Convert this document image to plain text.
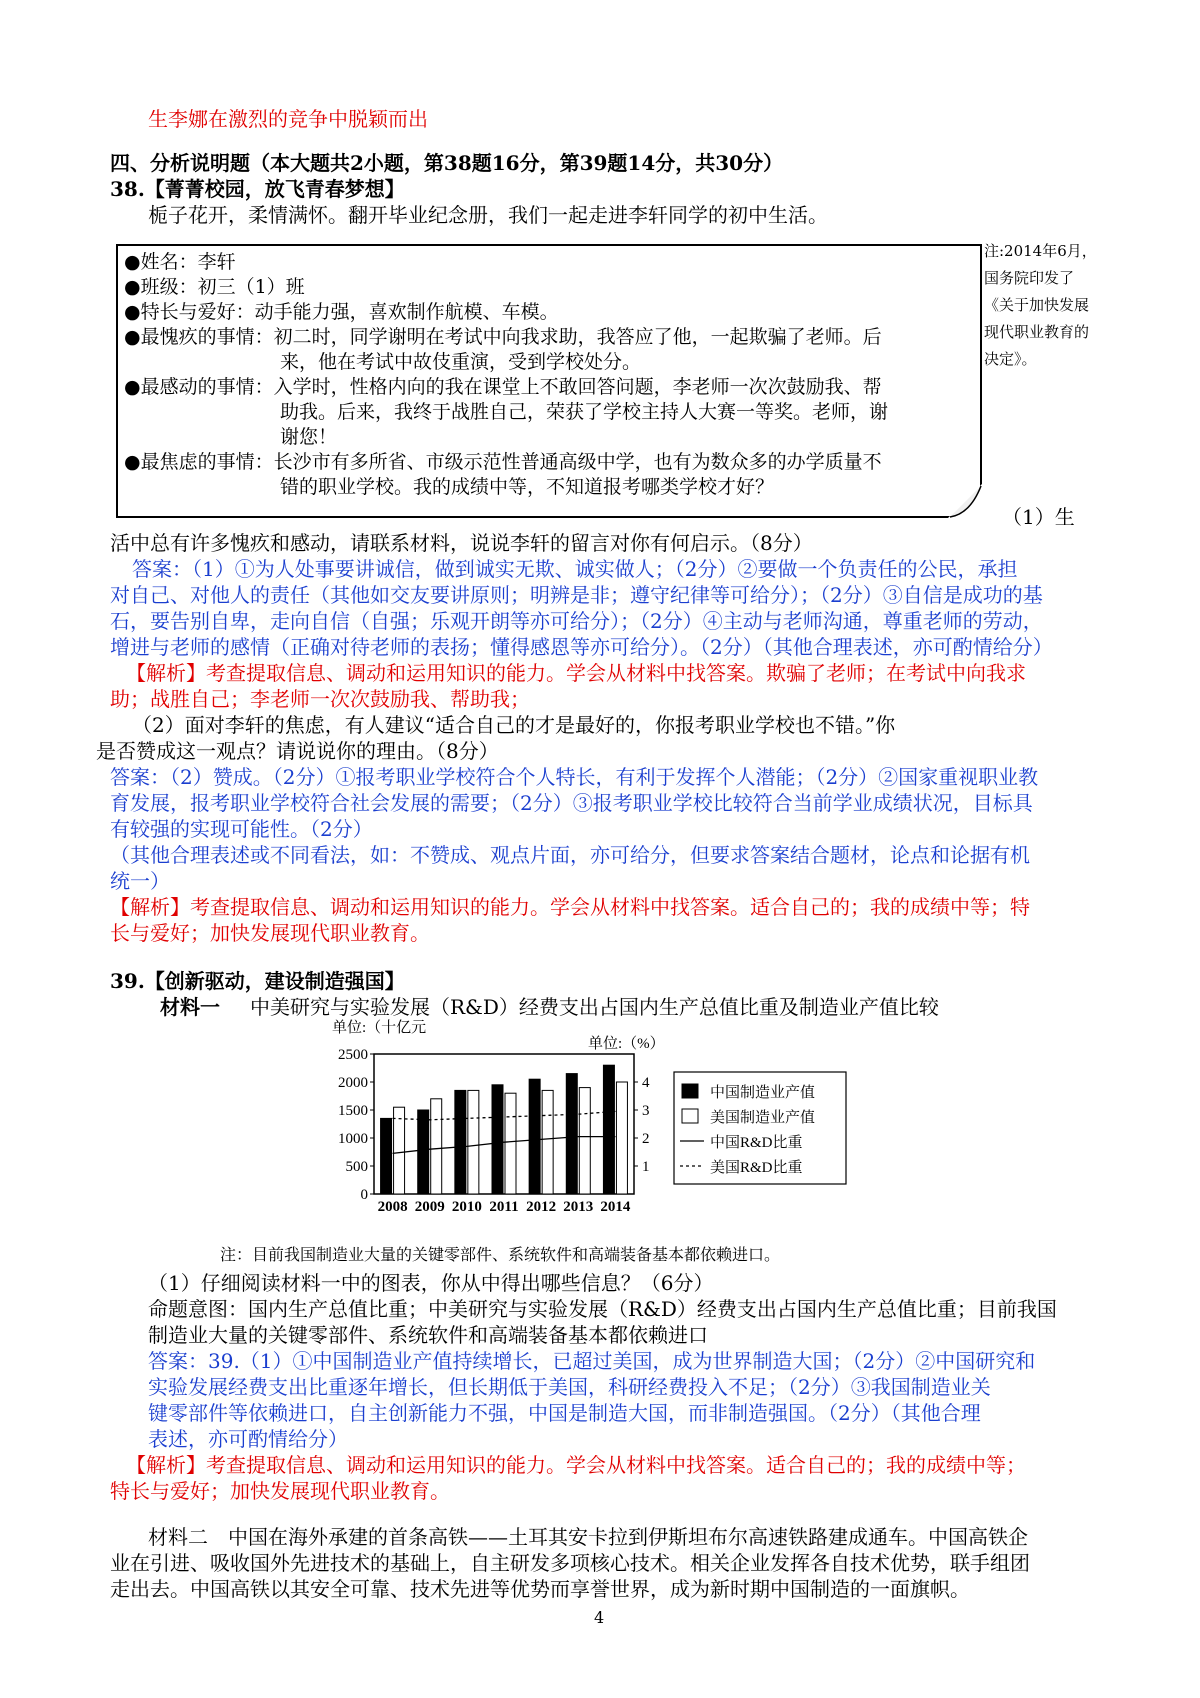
生李娜在激烈的竞争中脱颖而出
四、分析说明题（本大题共2小题，第38题16分，第39题14分，共30分）
38.【菁菁校园，放飞青春梦想】
栀子花开，柔情满怀。翻开毕业纪念册，我们一起走进李轩同学的初中生活。
注:2014年6月，国务院印发了《关于加快发展现代职业教育的决定》。
●姓名：李轩
●班级：初三（1）班
●特长与爱好：动手能力强，喜欢制作航模、车模。
●最愧疚的事情：初二时，同学谢明在考试中向我求助，我答应了他，一起欺骗了老师。后
来，他在考试中故伎重演，受到学校处分。
●最感动的事情：入学时，性格内向的我在课堂上不敢回答问题，李老师一次次鼓励我、帮
助我。后来，我终于战胜自己，荣获了学校主持人大赛一等奖。老师，谢
谢您！
●最焦虑的事情：长沙市有多所省、市级示范性普通高级中学，也有为数众多的办学质量不
错的职业学校。我的成绩中等，不知道报考哪类学校才好？
（1）生
活中总有许多愧疚和感动，请联系材料，说说李轩的留言对你有何启示。（8分）
答案：（1）①为人处事要讲诚信，做到诚实无欺、诚实做人；（2分）②要做一个负责任的公民，承担
对自己、对他人的责任（其他如交友要讲原则；明辨是非；遵守纪律等可给分）；（2分）③自信是成功的基
石，要告别自卑，走向自信（自强；乐观开朗等亦可给分）；（2分）④主动与老师沟通，尊重老师的劳动，
增进与老师的感情（正确对待老师的表扬；懂得感恩等亦可给分）。（2分）（其他合理表述，亦可酌情给分）
【解析】考查提取信息、调动和运用知识的能力。学会从材料中找答案。欺骗了老师；在考试中向我求
助；战胜自己；李老师一次次鼓励我、帮助我；
（2）面对李轩的焦虑，有人建议“适合自己的才是最好的，你报考职业学校也不错。”你
是否赞成这一观点？请说说你的理由。（8分）
答案：（2）赞成。（2分）①报考职业学校符合个人特长，有利于发挥个人潜能；（2分）②国家重视职业教
育发展，报考职业学校符合社会发展的需要；（2分）③报考职业学校比较符合当前学业成绩状况，目标具
有较强的实现可能性。（2分）
（其他合理表述或不同看法，如：不赞成、观点片面，亦可给分，但要求答案结合题材，论点和论据有机
统一）
【解析】考查提取信息、调动和运用知识的能力。学会从材料中找答案。适合自己的；我的成绩中等；特
长与爱好；加快发展现代职业教育。
39.【创新驱动，建设制造强国】
材料一 中美研究与实验发展（R&D）经费支出占国内生产总值比重及制造业产值比较
单位:（十亿元
单位:（%）
0
500
1000
1500
2000
2500
1
2
3
4
2008 2009 2010 2011 2012 2013 2014
中国制造业产值
美国制造业产值
中国R&D比重
美国R&D比重
注：目前我国制造业大量的关键零部件、系统软件和高端装备基本都依赖进口。
（1）仔细阅读材料一中的图表，你从中得出哪些信息？（6分）
命题意图：国内生产总值比重；中美研究与实验发展（R&D）经费支出占国内生产总值比重；目前我国
制造业大量的关键零部件、系统软件和高端装备基本都依赖进口
答案：39.（1）①中国制造业产值持续增长，已超过美国，成为世界制造大国；（2分）②中国研究和
实验发展经费支出比重逐年增长，但长期低于美国，科研经费投入不足；（2分）③我国制造业关
键零部件等依赖进口，自主创新能力不强，中国是制造大国，而非制造强国。（2分）（其他合理
表述，亦可酌情给分）
【解析】考查提取信息、调动和运用知识的能力。学会从材料中找答案。适合自己的；我的成绩中等；
特长与爱好；加快发展现代职业教育。
材料二　中国在海外承建的首条高铁——土耳其安卡拉到伊斯坦布尔高速铁路建成通车。中国高铁企
业在引进、吸收国外先进技术的基础上，自主研发多项核心技术。相关企业发挥各自技术优势，联手组团
走出去。中国高铁以其安全可靠、技术先进等优势而享誉世界，成为新时期中国制造的一面旗帜。
4
